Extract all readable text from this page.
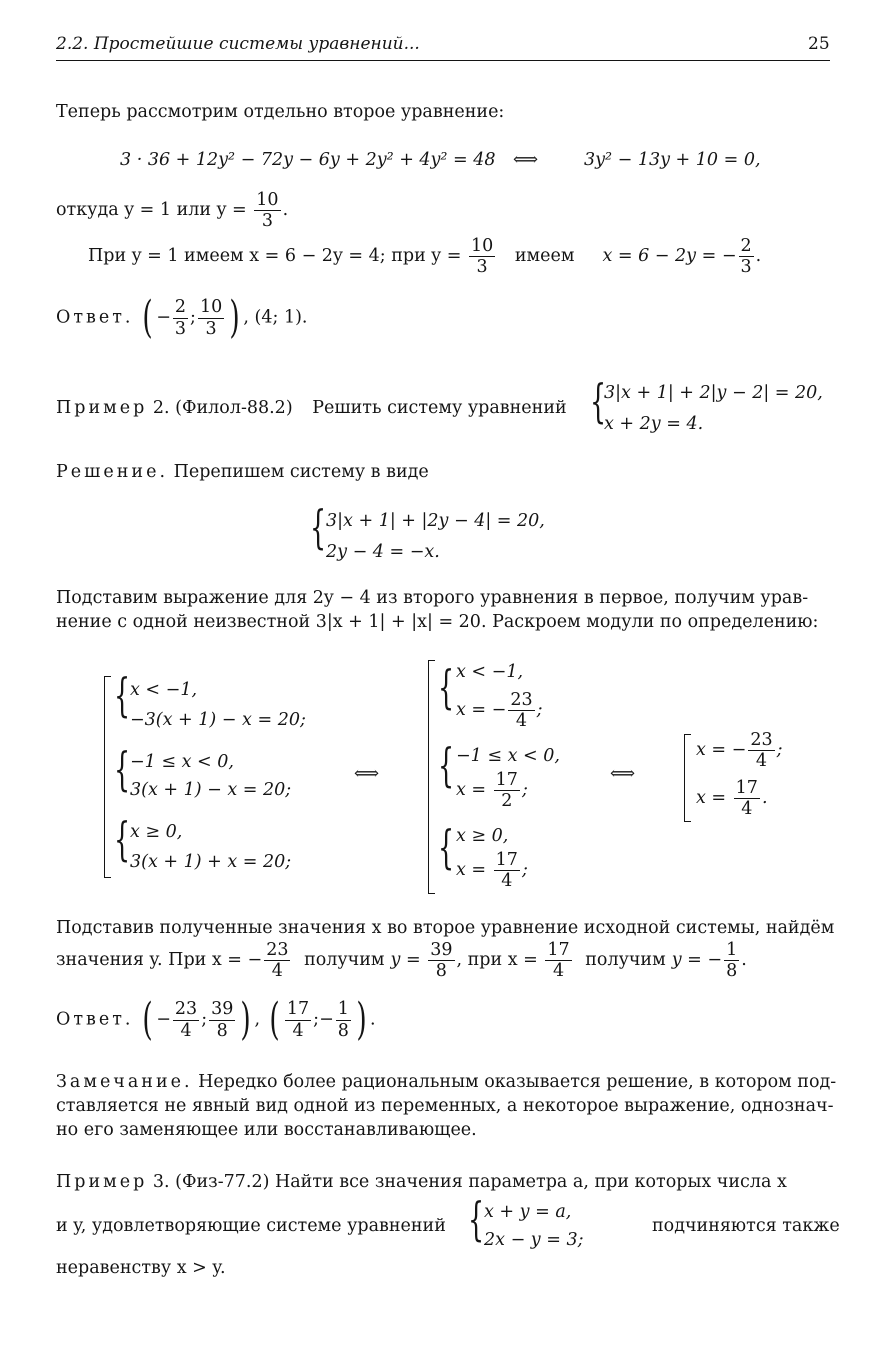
2.2. Простейшие системы уравнений...	25
Теперь рассмотрим отдельно второе уравнение:
3 · 36 + 12y² − 72y − 6y + 2y² + 4y² = 48 ⟺	3y² − 13y + 10 = 0,
откуда y = 1 или $y = \frac{10}{3}$ .
При y = 1 имеем x = 6 − 2y = 4; при $y = \frac{10}{3}$ имеем x = 6 − 2y = − $\frac{2}{3}$ .
Ответ. ( − $\frac{2}{3}$ ; $\frac{10}{3}$ ) , (4; 1).
Пример 2. (Филол-88.2) Решить систему уравнений {
3|x + 1| + 2|y − 2| = 20,
x + 2y = 4.
Решение. Перепишем систему в виде
{ 3|x + 1| + |2y − 4| = 20,
2y − 4 = −x.
Подставим выражение для 2y − 4 из второго уравнения в первое, получим урав-
нение с одной неизвестной 3|x + 1| + |x| = 20. Раскроем модули по определению:
{ x < −1,
−3(x + 1) − x = 20;
{ −1 ≤ x < 0,
3(x + 1) − x = 20;
{ x ≥ 0,
3(x + 1) + x = 20;
⟺
{ x < −1,
x = − $\frac{23}{4}$ ;
{ −1 ≤ x < 0,
$x = \frac{17}{2}$ ;
{ x ≥ 0,
$x = \frac{17}{4}$ ;
⟺
x = − $\frac{23}{4}$ ;
$x = \frac{17}{4}$ .
Подставив полученные значения x во второе уравнение исходной системы, найдём
значения y. При x = − $\frac{23}{4}$ получим $y = \frac{39}{8}$ , при $x = \frac{17}{4}$ получим y = − $\frac{1}{8}$ .
Ответ. ( − $\frac{23}{4}$ ; $\frac{39}{8}$ ) , ( $\frac{17}{4}$ ;− $\frac{1}{8}$ ) .
Замечание. Нередко более рациональным оказывается решение, в котором под-
ставляется не явный вид одной из переменных, а некоторое выражение, однознач-
но его заменяющее или восстанавливающее.
Пример 3. (Физ-77.2) Найти все значения параметра a, при которых числа x
и y, удовлетворяющие системе уравнений { x + y = a,
2x − y = 3;
подчиняются также
неравенству x > y.
